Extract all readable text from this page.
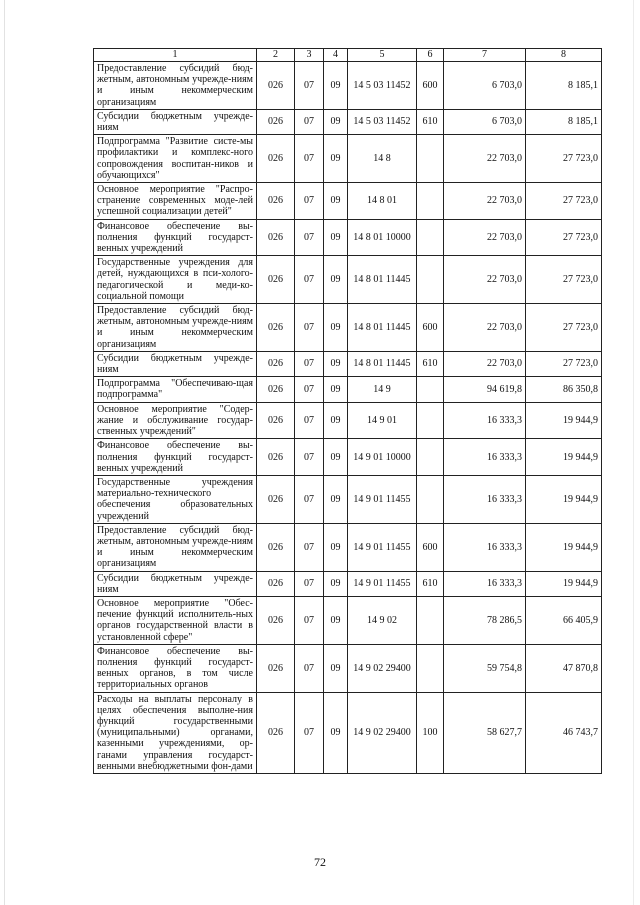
1	2	3	4	5	6	7	8
Предоставление субсидий бюд-жетным, автономным учрежде-ниям и иным некоммерческим организациям	026	07	09	14 5 03 11452	600	6 703,0	8 185,1
Субсидии бюджетным учрежде-ниям	026	07	09	14 5 03 11452	610	6 703,0	8 185,1
Подпрограмма "Развитие систе-мы профилактики и комплекс-ного сопровождения воспитан-ников и обучающихся"	026	07	09	14 8		22 703,0	27 723,0
Основное мероприятие "Распро-странение современных моде-лей успешной социализации детей"	026	07	09	14 8 01		22 703,0	27 723,0
Финансовое обеспечение вы-полнения функций государст-венных учреждений	026	07	09	14 8 01 10000		22 703,0	27 723,0
Государственные учреждения для детей, нуждающихся в пси-холого-педагогической и меди-ко-социальной помощи	026	07	09	14 8 01 11445		22 703,0	27 723,0
Предоставление субсидий бюд-жетным, автономным учрежде-ниям и иным некоммерческим организациям	026	07	09	14 8 01 11445	600	22 703,0	27 723,0
Субсидии бюджетным учрежде-ниям	026	07	09	14 8 01 11445	610	22 703,0	27 723,0
Подпрограмма "Обеспечиваю-щая подпрограмма"	026	07	09	14 9		94 619,8	86 350,8
Основное мероприятие "Содер-жание и обслуживание государ-ственных учреждений"	026	07	09	14 9 01		16 333,3	19 944,9
Финансовое обеспечение вы-полнения функций государст-венных учреждений	026	07	09	14 9 01 10000		16 333,3	19 944,9
Государственные учреждения материально-технического обеспечения образовательных учреждений	026	07	09	14 9 01 11455		16 333,3	19 944,9
Предоставление субсидий бюд-жетным, автономным учрежде-ниям и иным некоммерческим организациям	026	07	09	14 9 01 11455	600	16 333,3	19 944,9
Субсидии бюджетным учрежде-ниям	026	07	09	14 9 01 11455	610	16 333,3	19 944,9
Основное мероприятие "Обес-печение функций исполнитель-ных органов государственной власти в установленной сфере"	026	07	09	14 9 02		78 286,5	66 405,9
Финансовое обеспечение вы-полнения функций государст-венных органов, в том числе территориальных органов	026	07	09	14 9 02 29400		59 754,8	47 870,8
Расходы на выплаты персоналу в целях обеспечения выполне-ния функций государственными (муниципальными) органами, казенными учреждениями, ор-ганами управления государст-венными внебюджетными фон-дами	026	07	09	14 9 02 29400	100	58 627,7	46 743,7
72
